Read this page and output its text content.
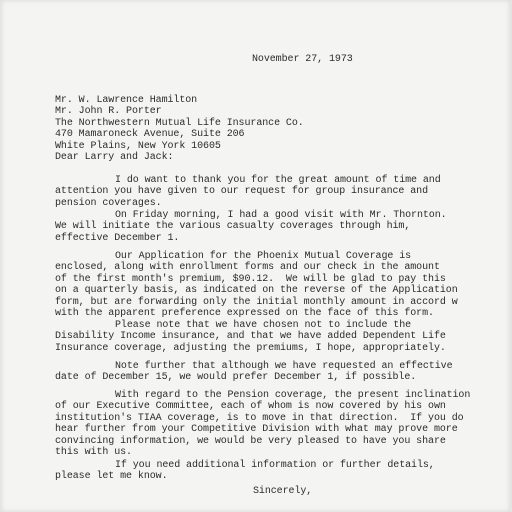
November 27, 1973
Mr. W. Lawrence Hamilton
Mr. John R. Porter
The Northwestern Mutual Life Insurance Co.
470 Mamaroneck Avenue, Suite 206
White Plains, New York 10605
Dear Larry and Jack:
I do want to thank you for the great amount of time and
attention you have given to our request for group insurance and
pension coverages.
On Friday morning, I had a good visit with Mr. Thornton.
We will initiate the various casualty coverages through him,
effective December 1.
Our Application for the Phoenix Mutual Coverage is
enclosed, along with enrollment forms and our check in the amount
of the first month's premium, $90.12.  We will be glad to pay this
on a quarterly basis, as indicated on the reverse of the Application
form, but are forwarding only the initial monthly amount in accord w
with the apparent preference expressed on the face of this form.
Please note that we have chosen not to include the
Disability Income insurance, and that we have added Dependent Life
Insurance coverage, adjusting the premiums, I hope, appropriately.
Note further that although we have requested an effective
date of December 15, we would prefer December 1, if possible.
With regard to the Pension coverage, the present inclination
of our Executive Committee, each of whom is now covered by his own
institution's TIAA coverage, is to move in that direction.  If you do
hear further from your Competitive Division with what may prove more
convincing information, we would be very pleased to have you share
this with us.
If you need additional information or further details,
please let me know.
Sincerely,
